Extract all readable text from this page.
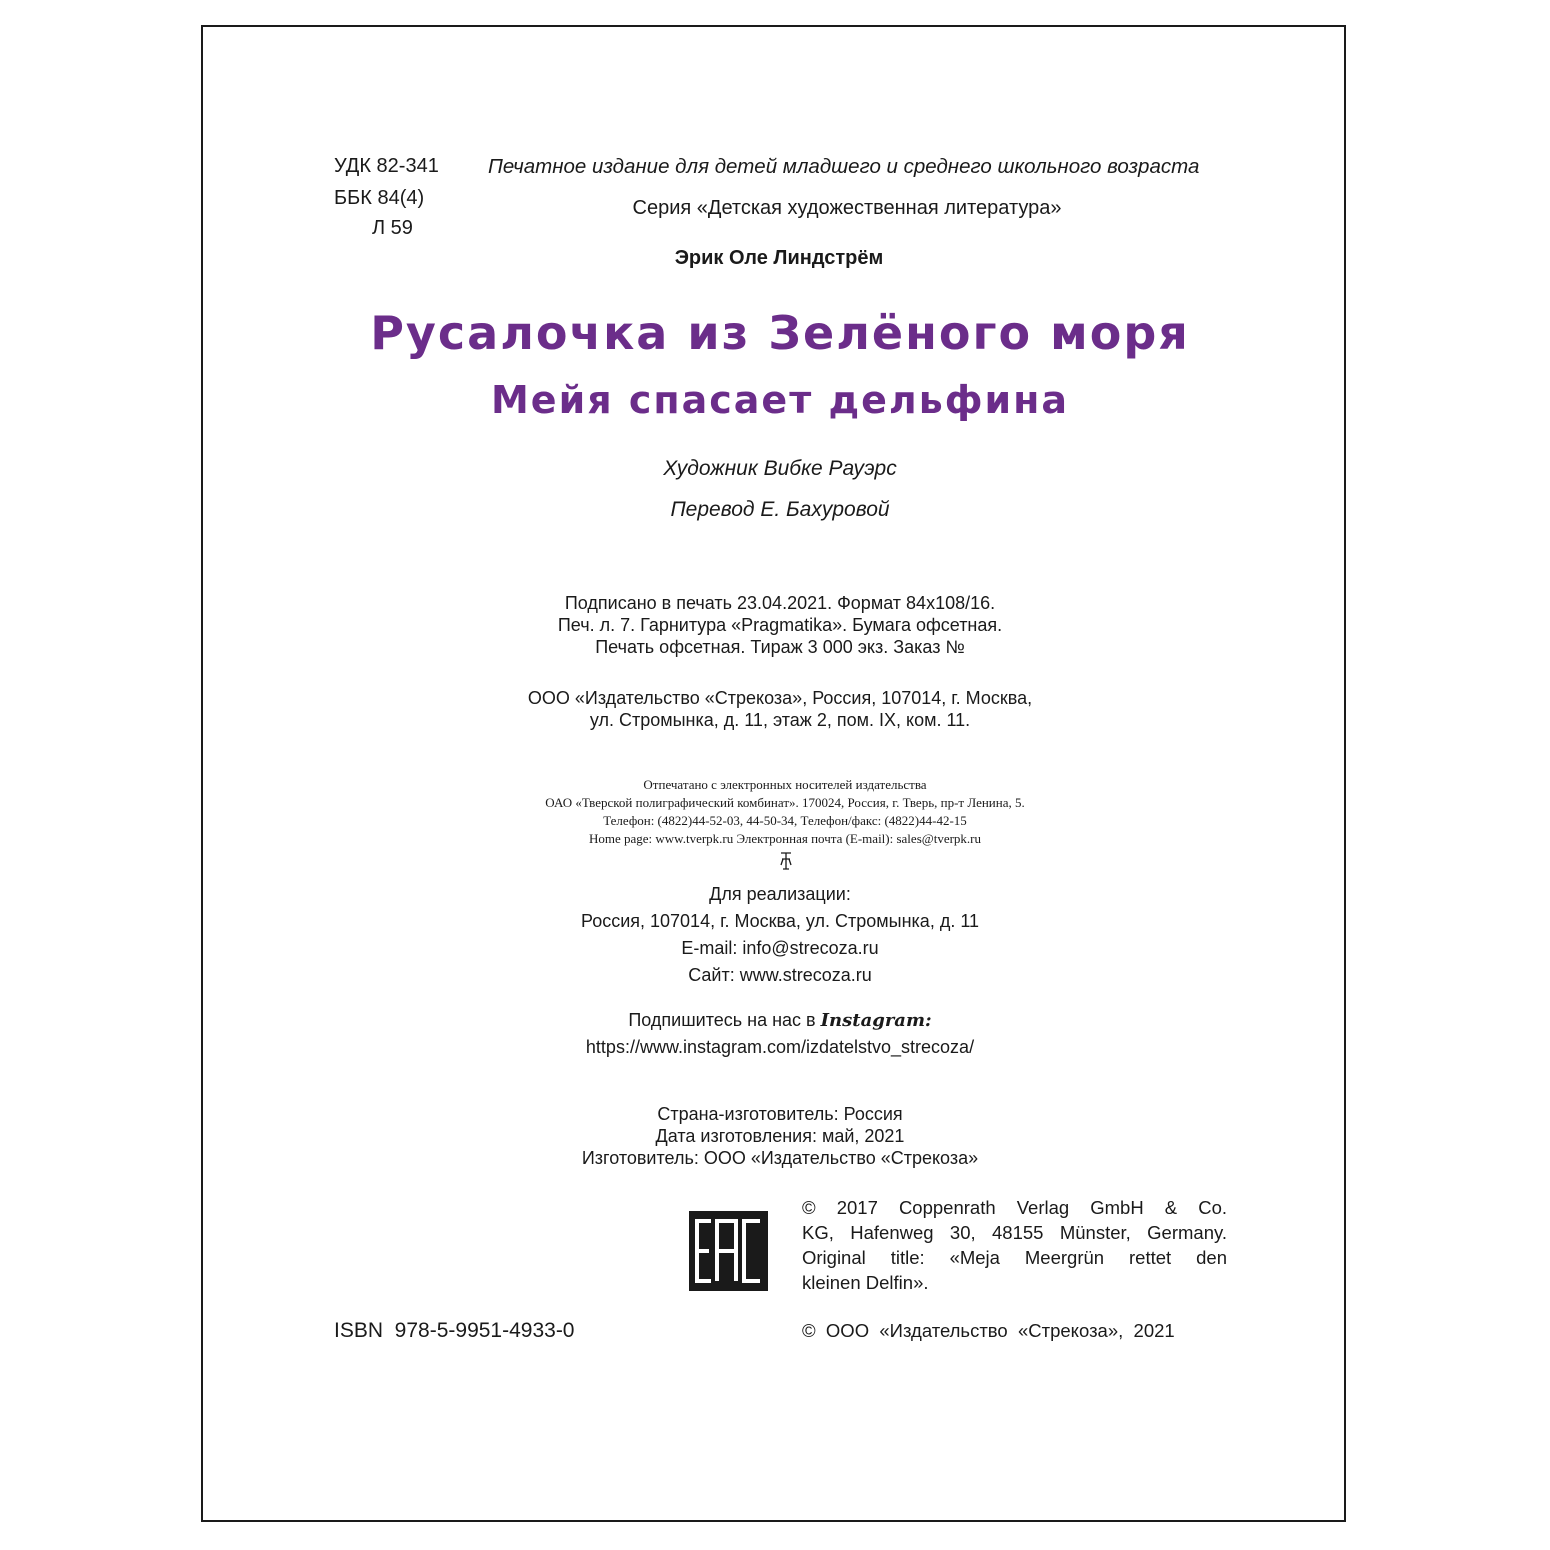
УДК 82-341
ББК 84(4)
Л 59
Печатное издание для детей младшего и среднего школьного возраста
Серия «Детская художественная литература»
Эрик Оле Линдстрём
Русалочка из Зелёного моря
Мейя спасает дельфина
Художник Вибке Рауэрс
Перевод Е. Бахуровой
Подписано в печать 23.04.2021. Формат 84х108/16.
Печ. л. 7. Гарнитура «Pragmatika». Бумага офсетная.
Печать офсетная. Тираж 3 000 экз. Заказ №
ООО «Издательство «Стрекоза», Россия, 107014, г. Москва,
ул. Стромынка, д. 11, этаж 2, пом. IX, ком. 11.
Отпечатано с электронных носителей издательства
ОАО «Тверской полиграфический комбинат». 170024, Россия, г. Тверь, пр-т Ленина, 5.
Телефон: (4822)44-52-03, 44-50-34, Телефон/факс: (4822)44-42-15
Home page: www.tverpk.ru Электронная почта (E-mail): sales@tverpk.ru
Для реализации:
Россия, 107014, г. Москва, ул. Стромынка, д. 11
E-mail: info@strecoza.ru
Сайт: www.strecoza.ru
Подпишитесь на нас в Instagram:
https://www.instagram.com/izdatelstvo_strecoza/
Страна-изготовитель: Россия
Дата изготовления: май, 2021
Изготовитель: ООО «Издательство «Стрекоза»
© 2017 Coppenrath Verlag GmbH & Co.
KG, Hafenweg 30, 48155 Münster, Germany.
Original title: «Meja Meergrün rettet den
kleinen Delfin».
ISBN  978-5-9951-4933-0	©  ООО  «Издательство  «Стрекоза»,  2021
